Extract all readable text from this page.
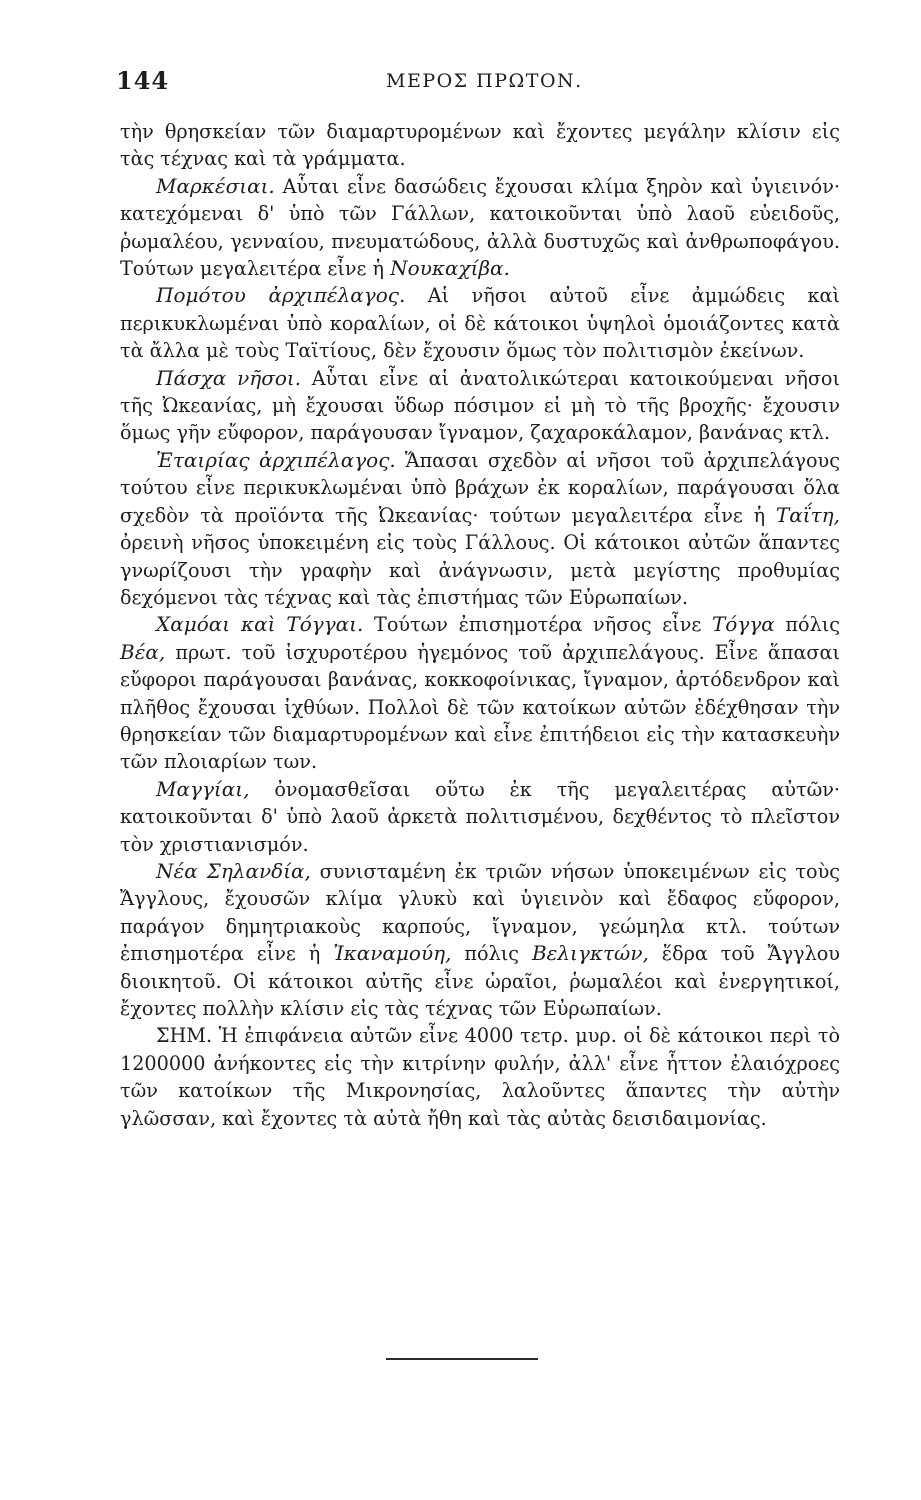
144	ΜΕΡΟΣ ΠΡΩΤΟΝ.

τὴν θρησκείαν τῶν διαμαρτυρομένων καὶ ἔχοντες μεγάλην κλίσιν εἰς τὰς τέχνας καὶ τὰ γράμματα.

Μαρκέσιαι. Αὗται εἶνε δασώδεις ἔχουσαι κλίμα ξηρὸν καὶ ὑγιεινόν· κατεχόμεναι δ' ὑπὸ τῶν Γάλλων, κατοικοῦνται ὑπὸ λαοῦ εὐειδοῦς, ῥωμαλέου, γενναίου, πνευματώδους, ἀλλὰ δυστυχῶς καὶ ἀνθρωποφάγου. Τούτων μεγαλειτέρα εἶνε ἡ Νουκαχίβα.

Πομότου ἀρχιπέλαγος. Αἱ νῆσοι αὐτοῦ εἶνε ἀμμώδεις καὶ περικυκλωμέναι ὑπὸ κοραλίων, οἱ δὲ κάτοικοι ὑψηλοὶ ὁμοιάζοντες κατὰ τὰ ἄλλα μὲ τοὺς Ταϊτίους, δὲν ἔχουσιν ὅμως τὸν πολιτισμὸν ἐκείνων.

Πάσχα νῆσοι. Αὗται εἶνε αἱ ἀνατολικώτεραι κατοικούμεναι νῆσοι τῆς Ὠκεανίας, μὴ ἔχουσαι ὕδωρ πόσιμον εἰ μὴ τὸ τῆς βροχῆς· ἔχουσιν ὅμως γῆν εὔφορον, παράγουσαν ἴγναμον, ζαχαροκάλαμον, βανάνας κτλ.

Ἑταιρίας ἀρχιπέλαγος. Ἅπασαι σχεδὸν αἱ νῆσοι τοῦ ἀρχιπελάγους τούτου εἶνε περικυκλωμέναι ὑπὸ βράχων ἐκ κοραλίων, παράγουσαι ὅλα σχεδὸν τὰ προϊόντα τῆς Ὠκεανίας· τούτων μεγαλειτέρα εἶνε ἡ Ταΐτη, ὀρεινὴ νῆσος ὑποκειμένη εἰς τοὺς Γάλλους. Οἱ κάτοικοι αὐτῶν ἅπαντες γνωρίζουσι τὴν γραφὴν καὶ ἀνάγνωσιν, μετὰ μεγίστης προθυμίας δεχόμενοι τὰς τέχνας καὶ τὰς ἐπιστήμας τῶν Εὐρωπαίων.

Χαμόαι καὶ Τόγγαι. Τούτων ἐπισημοτέρα νῆσος εἶνε Τόγγα πόλις Βέα, πρωτ. τοῦ ἰσχυροτέρου ἡγεμόνος τοῦ ἀρχιπελάγους. Εἶνε ἅπασαι εὔφοροι παράγουσαι βανάνας, κοκκοφοίνικας, ἴγναμον, ἀρτόδενδρον καὶ πλῆθος ἔχουσαι ἰχθύων. Πολλοὶ δὲ τῶν κατοίκων αὐτῶν ἐδέχθησαν τὴν θρησκείαν τῶν διαμαρτυρομένων καὶ εἶνε ἐπιτήδειοι εἰς τὴν κατασκευὴν τῶν πλοιαρίων των.

Μαγγίαι, ὀνομασθεῖσαι οὕτω ἐκ τῆς μεγαλειτέρας αὐτῶν· κατοικοῦνται δ' ὑπὸ λαοῦ ἀρκετὰ πολιτισμένου, δεχθέντος τὸ πλεῖστον τὸν χριστιανισμόν.

Νέα Σηλανδία, συνισταμένη ἐκ τριῶν νήσων ὑποκειμένων εἰς τοὺς Ἄγγλους, ἔχουσῶν κλίμα γλυκὺ καὶ ὑγιεινὸν καὶ ἔδαφος εὔφορον, παράγον δημητριακοὺς καρπούς, ἴγναμον, γεώμηλα κτλ. τούτων ἐπισημοτέρα εἶνε ἡ Ἰκαναμούη, πόλις Βελιγκτών, ἕδρα τοῦ Ἄγγλου διοικητοῦ. Οἱ κάτοικοι αὐτῆς εἶνε ὡραῖοι, ῥωμαλέοι καὶ ἐνεργητικοί, ἔχοντες πολλὴν κλίσιν εἰς τὰς τέχνας τῶν Εὐρωπαίων.

ΣΗΜ. Ἡ ἐπιφάνεια αὐτῶν εἶνε 4000 τετρ. μυρ. οἱ δὲ κάτοικοι περὶ τὸ 1200000 ἀνήκοντες εἰς τὴν κιτρίνην φυλήν, ἀλλ' εἶνε ἧττον ἐλαιόχροες τῶν κατοίκων τῆς Μικρονησίας, λαλοῦντες ἅπαντες τὴν αὐτὴν γλῶσσαν, καὶ ἔχοντες τὰ αὐτὰ ἤθη καὶ τὰς αὐτὰς δεισιδαιμονίας.
